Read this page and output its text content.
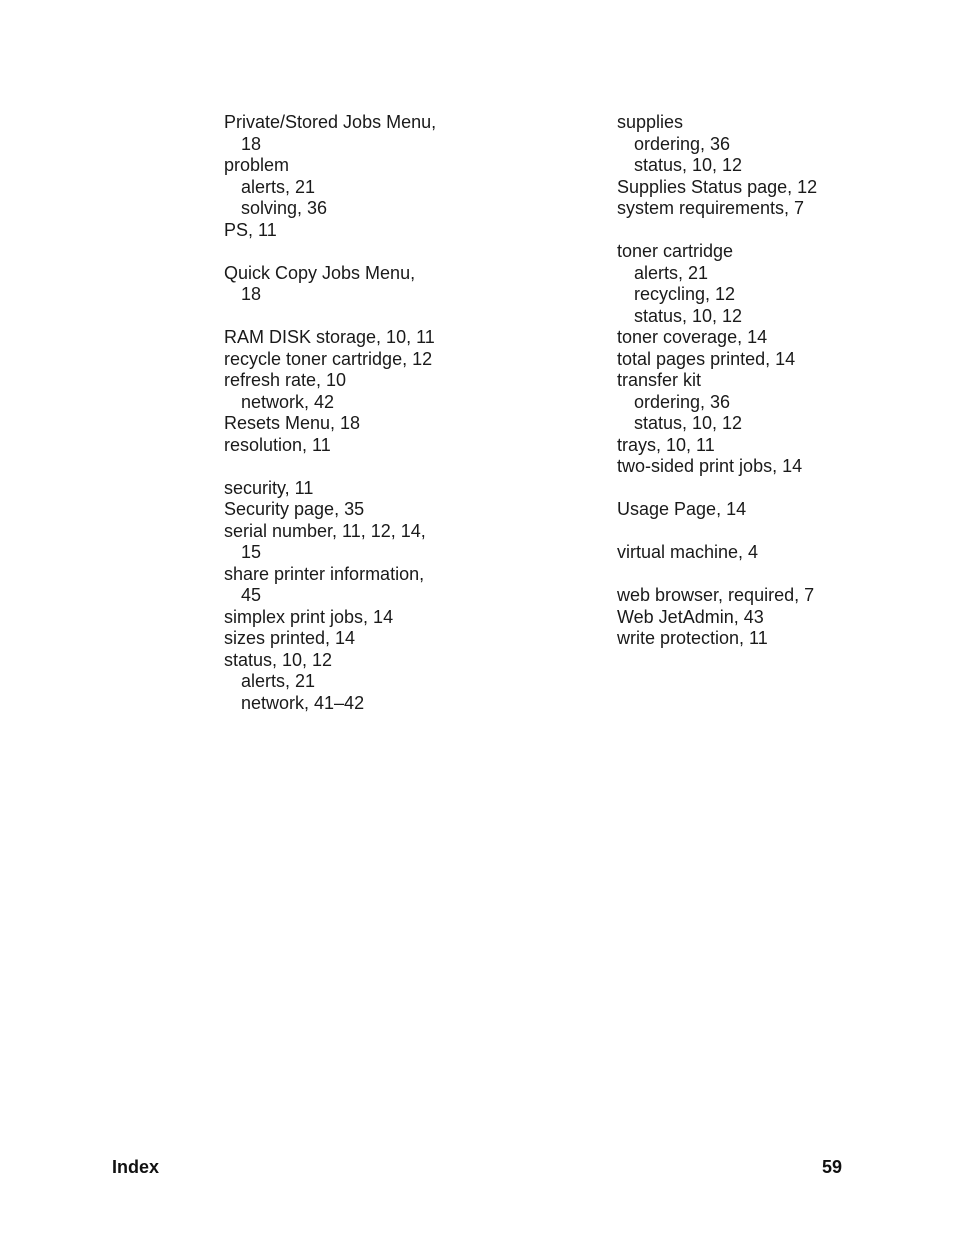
Private/Stored Jobs Menu,
18
problem
alerts, 21
solving, 36
PS, 11
Quick Copy Jobs Menu,
18
RAM DISK storage, 10, 11
recycle toner cartridge, 12
refresh rate, 10
network, 42
Resets Menu, 18
resolution, 11
security, 11
Security page, 35
serial number, 11, 12, 14,
15
share printer information,
45
simplex print jobs, 14
sizes printed, 14
status, 10, 12
alerts, 21
network, 41–42
supplies
ordering, 36
status, 10, 12
Supplies Status page, 12
system requirements, 7
toner cartridge
alerts, 21
recycling, 12
status, 10, 12
toner coverage, 14
total pages printed, 14
transfer kit
ordering, 36
status, 10, 12
trays, 10, 11
two-sided print jobs, 14
Usage Page, 14
virtual machine, 4
web browser, required, 7
Web JetAdmin, 43
write protection, 11
Index	59
